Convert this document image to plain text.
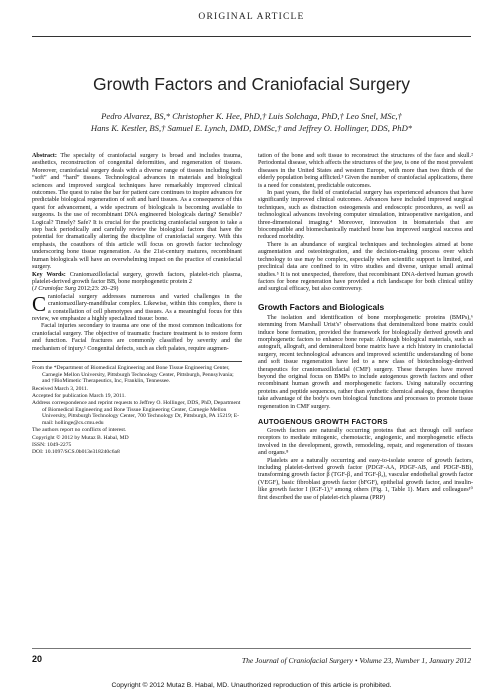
ORIGINAL ARTICLE
Growth Factors and Craniofacial Surgery
Pedro Alvarez, BS,* Christopher K. Hee, PhD,† Luis Solchaga, PhD,† Leo Snel, MSc,†
Hans K. Kestler, BS,† Samuel E. Lynch, DMD, DMSc,† and Jeffrey O. Hollinger, DDS, PhD*

Abstract: The specialty of craniofacial surgery is broad and includes trauma, aesthetics, reconstruction of congenital deformities, and regeneration of tissues. Moreover, craniofacial surgery deals with a diverse range of tissues including both “soft” and “hard” tissues. Technological advances in materials and biological sciences and improved surgical techniques have remarkably improved clinical outcomes. The quest to raise the bar for patient care continues to inspire advances for predictable biological regeneration of soft and hard tissues. As a consequence of this quest for advancement, a wide spectrum of biologicals is becoming available to surgeons. Is the use of recombinant DNA engineered biologicals daring? Sensible? Logical? Timely? Safe? It is crucial for the practicing craniofacial surgeon to take a step back periodically and carefully review the biological factors that have the potential for dramatically altering the discipline of craniofacial surgery. With this emphasis, the coauthors of this article will focus on growth factor technology underscoring bone tissue regeneration. As the 21st-century matures, recombinant human biologicals will have an overwhelming impact on the practice of craniofacial surgery.

Key Words: Craniomaxillofacial surgery, growth factors, platelet-rich plasma, platelet-derived growth factor BB, bone morphogenetic protein 2

(J Craniofac Surg 2012;23: 20–29)

Craniofacial surgery addresses numerous and varied challenges in the craniomaxillary-mandibular complex. Likewise, within this complex, there is a constellation of cell phenotypes and tissues. As a meaningful focus for this review, we emphasize a highly specialized tissue: bone.

Facial injuries secondary to trauma are one of the most common indications for craniofacial surgery. The objective of traumatic fracture treatment is to restore form and function. Facial fractures are commonly classified by severity and the mechanism of injury.¹ Congenital defects, such as cleft palates, require augmen-

From the *Department of Biomedical Engineering and Bone Tissue Engineering Center, Carnegie Mellon University, Pittsburgh Technology Center, Pittsburgh, Pennsylvania; and †BioMimetic Therapeutics, Inc, Franklin, Tennessee.

Received March 3, 2011.

Accepted for publication March 19, 2011.

Address correspondence and reprint requests to Jeffrey O. Hollinger, DDS, PhD, Department of Biomedical Engineering and Bone Tissue Engineering Center, Carnegie Mellon University, Pittsburgh Technology Center, 700 Technology Dr, Pittsburgh, PA 15219; E-mail: hollinge@cs.cmu.edu

The authors report no conflicts of interest.

Copyright © 2012 by Mutaz B. Habal, MD

ISSN: 1049-2275

DOI: 10.1097/SCS.0b013e318240c6a8

tation of the bone and soft tissue to reconstruct the structures of the face and skull.² Periodontal disease, which affects the structures of the jaw, is one of the most prevalent diseases in the United States and western Europe, with more than two thirds of the elderly population being afflicted.³ Given the number of craniofacial applications, there is a need for consistent, predictable outcomes.

In past years, the field of craniofacial surgery has experienced advances that have significantly improved clinical outcomes. Advances have included improved surgical techniques, such as distraction osteogenesis and endoscopic procedures, as well as technological advances involving computer simulation, intraoperative navigation, and three-dimensional imaging.⁴ Moreover, innovation in biomaterials that are biocompatible and biomechanically matched bone has improved surgical success and reduced morbidity.

There is an abundance of surgical techniques and technologies aimed at bone augmentation and osteointegration, and the decision-making process over which technology to use may be complex, especially when scientific support is limited, and preclinical data are confined to in vitro studies and diverse, unique small animal studies.⁵ It is not unexpected, therefore, that recombinant DNA-derived human growth factors for bone regeneration have provided a rich landscape for both clinical utility and surgical efficacy, but also controversy.

Growth Factors and Biologicals

The isolation and identification of bone morphogenetic proteins (BMPs),⁶ stemming from Marshall Urist's⁷ observations that demineralized bone matrix could induce bone formation, provided the framework for biologically derived growth and morphogenetic factors to enhance bone repair. Although biological materials, such as autograft, allograft, and demineralized bone matrix have a rich history in craniofacial surgery, recent technological advances and improved scientific understanding of bone and soft tissue regeneration have led to a new class of biotechnology-derived therapeutics for craniomaxillofacial (CMF) surgery. These therapies have moved beyond the original focus on BMPs to include autogenous growth factors and other recombinant human growth and morphogenetic factors. Using naturally occurring proteins and peptide sequences, rather than synthetic chemical analogs, these therapies take advantage of the body's own biological functions and processes to promote tissue regeneration in CMF surgery.

AUTOGENOUS GROWTH FACTORS

Growth factors are naturally occurring proteins that act through cell surface receptors to mediate mitogenic, chemotactic, angiogenic, and morphogenetic effects involved in the development, growth, remodeling, repair, and regeneration of tissues and organs.⁸

Platelets are a naturally occurring and easy-to-isolate source of growth factors, including platelet-derived growth factor (PDGF-AA, PDGF-AB, and PDGF-BB), transforming growth factor β (TGF-β₁ and TGF-β₂), vascular endothelial growth factor (VEGF), basic fibroblast growth factor (bFGF), epithelial growth factor, and insulin-like growth factor I (IGF-1),⁹ among others (Fig. 1, Table 1). Marx and colleagues¹⁰ first described the use of platelet-rich plasma (PRP)

20	The Journal of Craniofacial Surgery • Volume 23, Number 1, January 2012
Copyright © 2012 Mutaz B. Habal, MD. Unauthorized reproduction of this article is prohibited.
